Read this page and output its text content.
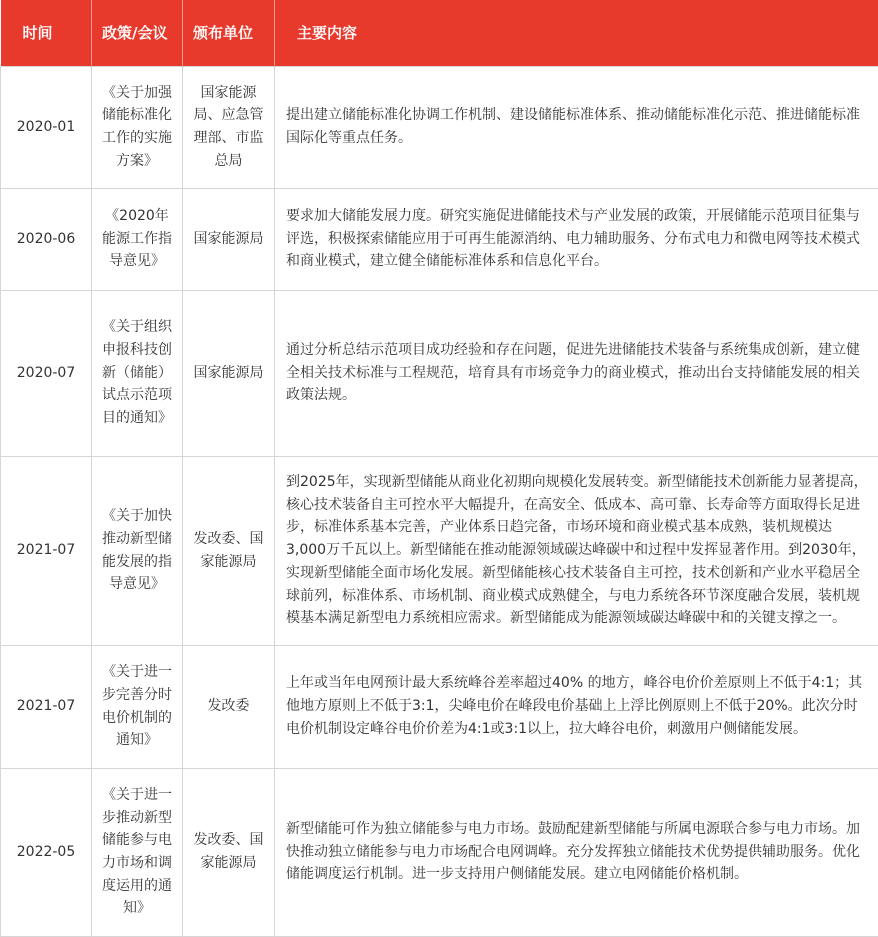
时间	政策/会议	颁布单位	主要内容
2020-01	《关于加强储能标准化工作的实施方案》	国家能源局、应急管理部、市监总局	提出建立储能标准化协调工作机制、建设储能标准体系、推动储能标准化示范、推进储能标准国际化等重点任务。
2020-06	《2020年能源工作指导意见》	国家能源局	要求加大储能发展力度。研究实施促进储能技术与产业发展的政策，开展储能示范项目征集与评选，积极探索储能应用于可再生能源消纳、电力辅助服务、分布式电力和微电网等技术模式和商业模式，建立健全储能标准体系和信息化平台。
2020-07	《关于组织申报科技创新（储能）试点示范项目的通知》	国家能源局	通过分析总结示范项目成功经验和存在问题，促进先进储能技术装备与系统集成创新，建立健全相关技术标准与工程规范，培育具有市场竞争力的商业模式，推动出台支持储能发展的相关政策法规。
2021-07	《关于加快推动新型储能发展的指导意见》	发改委、国家能源局	到2025年，实现新型储能从商业化初期向规模化发展转变。新型储能技术创新能力显著提高，核心技术装备自主可控水平大幅提升，在高安全、低成本、高可靠、长寿命等方面取得长足进步，标准体系基本完善，产业体系日趋完备，市场环境和商业模式基本成熟，装机规模达3,000万千瓦以上。新型储能在推动能源领域碳达峰碳中和过程中发挥显著作用。到2030年，实现新型储能全面市场化发展。新型储能核心技术装备自主可控，技术创新和产业水平稳居全球前列，标准体系、市场机制、商业模式成熟健全，与电力系统各环节深度融合发展，装机规模基本满足新型电力系统相应需求。新型储能成为能源领域碳达峰碳中和的关键支撑之一。
2021-07	《关于进一步完善分时电价机制的通知》	发改委	上年或当年电网预计最大系统峰谷差率超过40% 的地方，峰谷电价价差原则上不低于4:1；其他地方原则上不低于3:1，尖峰电价在峰段电价基础上上浮比例原则上不低于20%。此次分时电价机制设定峰谷电价价差为4:1或3:1以上，拉大峰谷电价，刺激用户侧储能发展。
2022-05	《关于进一步推动新型储能参与电力市场和调度运用的通知》	发改委、国家能源局	新型储能可作为独立储能参与电力市场。鼓励配建新型储能与所属电源联合参与电力市场。加快推动独立储能参与电力市场配合电网调峰。充分发挥独立储能技术优势提供辅助服务。优化储能调度运行机制。进一步支持用户侧储能发展。建立电网储能价格机制。
